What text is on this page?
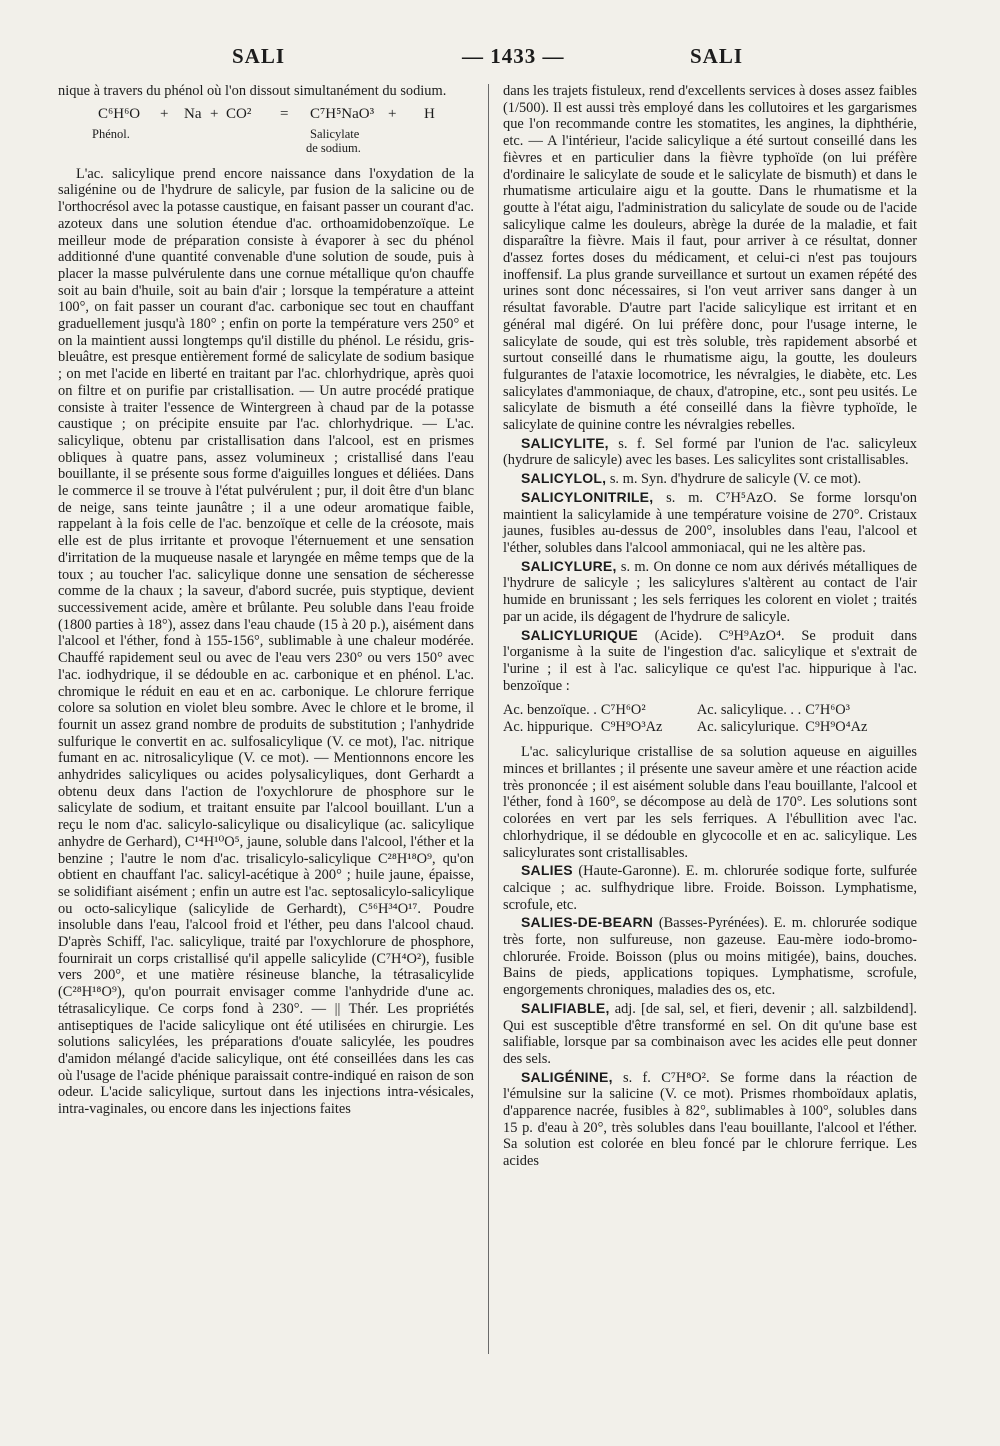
SALI	— 1433 —	SALI

nique à travers du phénol où l'on dissout simultanément du sodium.

C⁶H⁶O + Na + CO² = C⁷H⁵NaO³ + H
Phénol.	Salicylate
de sodium.

L'ac. salicylique prend encore naissance dans l'oxydation de la saligénine ou de l'hydrure de salicyle, par fusion de la salicine ou de l'orthocrésol avec la potasse caustique, en faisant passer un courant d'ac. azoteux dans une solution étendue d'ac. orthoamidobenzoïque. Le meilleur mode de préparation consiste à évaporer à sec du phénol additionné d'une quantité convenable d'une solution de soude, puis à placer la masse pulvérulente dans une cornue métallique qu'on chauffe soit au bain d'huile, soit au bain d'air ; lorsque la température a atteint 100°, on fait passer un courant d'ac. carbonique sec tout en chauffant graduellement jusqu'à 180° ; enfin on porte la température vers 250° et on la maintient aussi longtemps qu'il distille du phénol. Le résidu, gris-bleuâtre, est presque entièrement formé de salicylate de sodium basique ; on met l'acide en liberté en traitant par l'ac. chlorhydrique, après quoi on filtre et on purifie par cristallisation. — Un autre procédé pratique consiste à traiter l'essence de Wintergreen à chaud par de la potasse caustique ; on précipite ensuite par l'ac. chlorhydrique. — L'ac. salicylique, obtenu par cristallisation dans l'alcool, est en prismes obliques à quatre pans, assez volumineux ; cristallisé dans l'eau bouillante, il se présente sous forme d'aiguilles longues et déliées. Dans le commerce il se trouve à l'état pulvérulent ; pur, il doit être d'un blanc de neige, sans teinte jaunâtre ; il a une odeur aromatique faible, rappelant à la fois celle de l'ac. benzoïque et celle de la créosote, mais elle est de plus irritante et provoque l'éternuement et une sensation d'irritation de la muqueuse nasale et laryngée en même temps que de la toux ; au toucher l'ac. salicylique donne une sensation de sécheresse comme de la chaux ; la saveur, d'abord sucrée, puis styptique, devient successivement acide, amère et brûlante. Peu soluble dans l'eau froide (1800 parties à 18°), assez dans l'eau chaude (15 à 20 p.), aisément dans l'alcool et l'éther, fond à 155-156°, sublimable à une chaleur modérée. Chauffé rapidement seul ou avec de l'eau vers 230° ou vers 150° avec l'ac. iodhydrique, il se dédouble en ac. carbonique et en phénol. L'ac. chromique le réduit en eau et en ac. carbonique. Le chlorure ferrique colore sa solution en violet bleu sombre. Avec le chlore et le brome, il fournit un assez grand nombre de produits de substitution ; l'anhydride sulfurique le convertit en ac. sulfosalicylique (V. ce mot), l'ac. nitrique fumant en ac. nitrosalicylique (V. ce mot). — Mentionnons encore les anhydrides salicyliques ou acides polysalicyliques, dont Gerhardt a obtenu deux dans l'action de l'oxychlorure de phosphore sur le salicylate de sodium, et traitant ensuite par l'alcool bouillant. L'un a reçu le nom d'ac. salicylo-salicylique ou disalicylique (ac. salicylique anhydre de Gerhard), C¹⁴H¹⁰O⁵, jaune, soluble dans l'alcool, l'éther et la benzine ; l'autre le nom d'ac. trisalicylo-salicylique C²⁸H¹⁸O⁹, qu'on obtient en chauffant l'ac. salicyl-acétique à 200° ; huile jaune, épaisse, se solidifiant aisément ; enfin un autre est l'ac. septosalicylo-salicylique ou octo-salicylique (salicylide de Gerhardt), C⁵⁶H³⁴O¹⁷. Poudre insoluble dans l'eau, l'alcool froid et l'éther, peu dans l'alcool chaud. D'après Schiff, l'ac. salicylique, traité par l'oxychlorure de phosphore, fournirait un corps cristallisé qu'il appelle salicylide (C⁷H⁴O²), fusible vers 200°, et une matière résineuse blanche, la tétrasalicylide (C²⁸H¹⁸O⁹), qu'on pourrait envisager comme l'anhydride d'une ac. tétrasalicylique. Ce corps fond à 230°. — || Thér. Les propriétés antiseptiques de l'acide salicylique ont été utilisées en chirurgie. Les solutions salicylées, les préparations d'ouate salicylée, les poudres d'amidon mélangé d'acide salicylique, ont été conseillées dans les cas où l'usage de l'acide phénique paraissait contre-indiqué en raison de son odeur. L'acide salicylique, surtout dans les injections intra-vésicales, intra-vaginales, ou encore dans les injections faites

dans les trajets fistuleux, rend d'excellents services à doses assez faibles (1/500). Il est aussi très employé dans les collutoires et les gargarismes que l'on recommande contre les stomatites, les angines, la diphthérie, etc. — A l'intérieur, l'acide salicylique a été surtout conseillé dans les fièvres et en particulier dans la fièvre typhoïde (on lui préfère d'ordinaire le salicylate de soude et le salicylate de bismuth) et dans le rhumatisme articulaire aigu et la goutte. Dans le rhumatisme et la goutte à l'état aigu, l'administration du salicylate de soude ou de l'acide salicylique calme les douleurs, abrège la durée de la maladie, et fait disparaître la fièvre. Mais il faut, pour arriver à ce résultat, donner d'assez fortes doses du médicament, et celui-ci n'est pas toujours inoffensif. La plus grande surveillance et surtout un examen répété des urines sont donc nécessaires, si l'on veut arriver sans danger à un résultat favorable. D'autre part l'acide salicylique est irritant et en général mal digéré. On lui préfère donc, pour l'usage interne, le salicylate de soude, qui est très soluble, très rapidement absorbé et surtout conseillé dans le rhumatisme aigu, la goutte, les douleurs fulgurantes de l'ataxie locomotrice, les névralgies, le diabète, etc. Les salicylates d'ammoniaque, de chaux, d'atropine, etc., sont peu usités. Le salicylate de bismuth a été conseillé dans la fièvre typhoïde, le salicylate de quinine contre les névralgies rebelles.

SALICYLITE, s. f. Sel formé par l'union de l'ac. salicyleux (hydrure de salicyle) avec les bases. Les salicylites sont cristallisables.

SALICYLOL, s. m. Syn. d'hydrure de salicyle (V. ce mot).

SALICYLONITRILE, s. m. C⁷H⁵AzO. Se forme lorsqu'on maintient la salicylamide à une température voisine de 270°. Cristaux jaunes, fusibles au-dessus de 200°, insolubles dans l'eau, l'alcool et l'éther, solubles dans l'alcool ammoniacal, qui ne les altère pas.

SALICYLURE, s. m. On donne ce nom aux dérivés métalliques de l'hydrure de salicyle ; les salicylures s'altèrent au contact de l'air humide en brunissant ; les sels ferriques les colorent en violet ; traités par un acide, ils dégagent de l'hydrure de salicyle.

SALICYLURIQUE (Acide). C⁹H⁹AzO⁴. Se produit dans l'organisme à la suite de l'ingestion d'ac. salicylique et s'extrait de l'urine ; il est à l'ac. salicylique ce qu'est l'ac. hippurique à l'ac. benzoïque :

Ac. benzoïque. .	C⁷H⁶O²	Ac. salicylique. . .	C⁷H⁶O³
Ac. hippurique.	C⁹H⁹O³Az	Ac. salicylurique.	C⁹H⁹O⁴Az

L'ac. salicylurique cristallise de sa solution aqueuse en aiguilles minces et brillantes ; il présente une saveur amère et une réaction acide très prononcée ; il est aisément soluble dans l'eau bouillante, l'alcool et l'éther, fond à 160°, se décompose au delà de 170°. Les solutions sont colorées en vert par les sels ferriques. A l'ébullition avec l'ac. chlorhydrique, il se dédouble en glycocolle et en ac. salicylique. Les salicylurates sont cristallisables.

SALIES (Haute-Garonne). E. m. chlorurée sodique forte, sulfurée calcique ; ac. sulfhydrique libre. Froide. Boisson. Lymphatisme, scrofule, etc.

SALIES-DE-BEARN (Basses-Pyrénées). E. m. chlorurée sodique très forte, non sulfureuse, non gazeuse. Eau-mère iodo-bromo-chlorurée. Froide. Boisson (plus ou moins mitigée), bains, douches. Bains de pieds, applications topiques. Lymphatisme, scrofule, engorgements chroniques, maladies des os, etc.

SALIFIABLE, adj. [de sal, sel, et fieri, devenir ; all. salzbildend]. Qui est susceptible d'être transformé en sel. On dit qu'une base est salifiable, lorsque par sa combinaison avec les acides elle peut donner des sels.

SALIGÉNINE, s. f. C⁷H⁸O². Se forme dans la réaction de l'émulsine sur la salicine (V. ce mot). Prismes rhomboïdaux aplatis, d'apparence nacrée, fusibles à 82°, sublimables à 100°, solubles dans 15 p. d'eau à 20°, très solubles dans l'eau bouillante, l'alcool et l'éther. Sa solution est colorée en bleu foncé par le chlorure ferrique. Les acides
